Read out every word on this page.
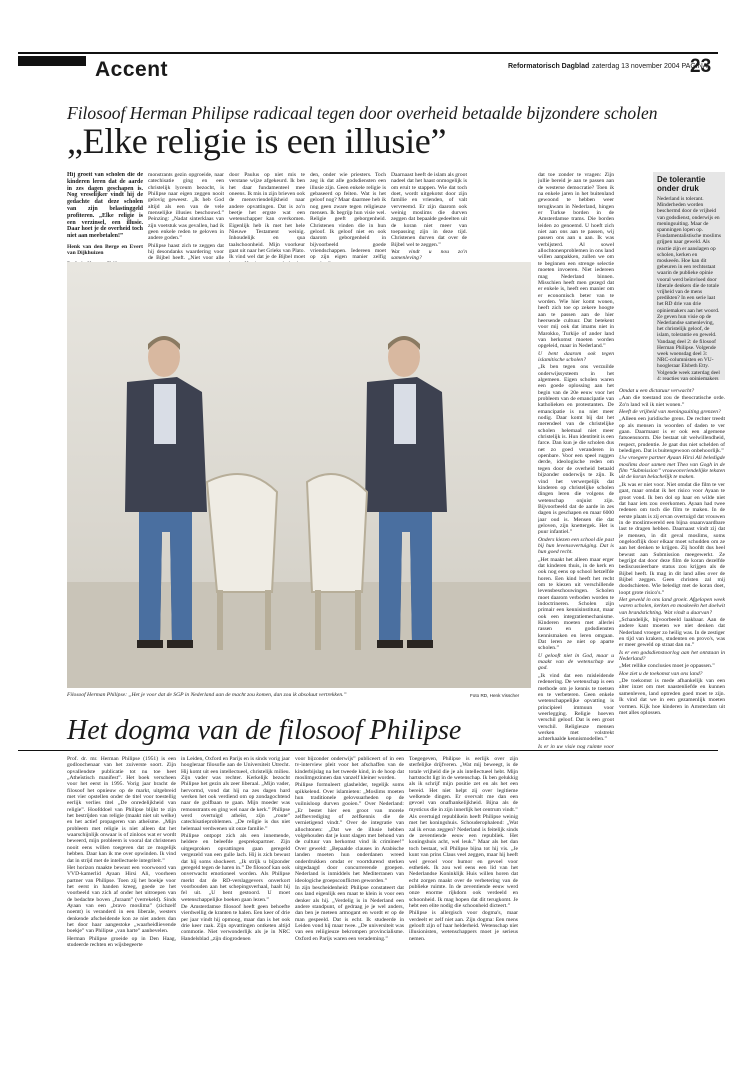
Accent	Reformatorisch Dagblad zaterdag 13 november 2004 PAGINA
23
Filosoof Herman Philipse radicaal tegen door overheid betaalde bijzondere scholen
„Elke religie is een illusie”

Hij groeit van scholen die de kinderen leren dat de aarde in zes dagen geschapen is. Nog vreselijker vindt hij de gedachte dat deze scholen van zijn belastinggeld profiteren. „Elke religie is een verzinsel, een illusie. Daar hoet je de overheid toch niet aan meebetalen!”

Henk van den Berge en Evert van Dijkhuizen

monstrants gezin opgroeide, naar catechisatie ging en een christelijk lyceum bezocht, is Philipse naar eigen zeggen nooit gelovig geweest. „Ik heb God altijd als een van de vele menselijke illusies beschouwd.” Peinzing: „Nadat sinterklaas van zijn voetstuk was gevallen, had ik geen enkele reden te geloven in andere goden.”

Philipse haast zich te zeggen dat hij desondanks waardering voor de Bijbel heeft. „Niet voor alle

door Paulus op niet mis te verstane wijze afgekeurd. Ik ben het daar fundamenteel mee oneens. Ik mis in zijn brieven ook de mensvriendelijkheid naar andere opvattingen. Dat is zo'n beetje het ergste wat een wetenschapper kan overkomen. Eigenlijk heb ik met het hele Nieuwe Testament weinig. Inhoudelijk en qua taalschoonheid. Mijn voorkeur gaat uit naar het Grieks van Plato. Ik vind wel dat je de Bijbel moet

den, onder wie priesters. Toch zeg ik dat alle godsdiensten een illusie zijn. Geen enkele religie is gebaseerd op feiten. Wat is het geloof nog? Maar daarmee heb ik nog geen zware tegen religieuze mensen. Ik begrijp hun visie wel. Religie geeft geborgenheid. Christenen vinden die in hun geloof. Ik geloof niet en ook daarom geborgenheid in bijvoorbeeld goede vriendschappen. Iedereen moet op zijn eigen manier zelfig

Daarnaast heeft de islam als groot nadeel dat het haast onmogelijk is om eruit te stappen. Wie dat toch doet, wordt uitgekotst door zijn familie en vrienden, of valt vervreemd. Er zijn daarom ook weinig moslims die durven zeggen dat bepaalde gedeelten uit de koran niet meer van toepassing zijn in deze tijd. Christenen durven dat over de Bijbel wel te zeggen.”

Wat vindt u nou zo'n samenleving?

dat toe zonder te vragen: Zijn jullie bereid je aan te passen aan de westerse democratie? Toen ik na enkele jaren in het buitenland gewoond te hebben weer terugkwam in Nederland, hingen er Turkse borden in de Amsterdamse trams. Die borden leiden zo genoemd. U hoeft zich niet aan ons aan te passen, wij passen ons aan u aan. Ik was verbijsterd. Al sowel allochtonenproblemen in ons land willen aanpakken, zullen we om te beginnen een strenge selectie moeten invoeren. Niet iedereen mag Nederland binnen. Misschien heeft men gezegd dat er enkele is, heeft een manier om er economisch beter van te worden. Wie hier komt wonen, heeft zich toe op zekere hoogte aan te passen aan de hier heersende cultuur. Dat betekent voor mij ook dat imams niet in Marokko, Turkije of ander land van herkomst moeten worden opgeleid, maar in Nederland.”

U bent daarom ook tegen islamitische scholen?

„Ik ben tegen ons verzuilde onderwijssysteem in het algemeen. Eigen scholen waren een goede oplossing aan het begin van de 20e eeuw voor het probleem van de emancipatie van katholieken en protestanten. De emancipatie is nu niet meer nodig. Daar komt bij dat het merendeel van de christelijke scholen helemaal niet meer christelijk is. Hun identiteit is een farce. Dan kun je die scholen dus net zo goed veranderen in openbare. Voor een speel ruggen derde, ideologische reden om tegen door de overheid betaald bijzonder onderwijs te zijn. Ik vind het verwerpelijk dat kinderen op christelijke scholen dingen leren die volgens de wetenschap onjuist zijn. Bijvoorbeeld dat de aarde in zes dagen is geschapen en maar 6000 jaar oud is. Mensen die dat geloven, zijn knettergek. Het is puur infantiel.”

Onders kiezen een school die past bij hun levensovertuiging. Dat is hun goed recht.

„Het maakt het alleen maar erger dat kinderen thuis, in de kerk en ook nog eens op school hetzelfde horen. Een kind heeft het recht om te kiezen uit verschillende levensbeschouwingen. Scholen moet daarom verboden worden te indoctrineren. Scholen zijn primair een kennisinstituut, maar ook een integratiemechanisme. Kinderen moeten met allerlei rassen en godsdiensten kennismaken en leren omgaan. Dat leren ze niet op aparte scholen.”

U gelooft niet in God, maar u maakt van de wetenschap uw god.

„Ik vind dat een misleidende redenering. De wetenschap is een methode om je kennis te toetsen en te verbeteren. Geen enkele wetenschappelijke opvatting is principieel immuun voor weerlegging. Religie hoeven verschil geloof. Dat is een groot verschil. Religieuze mensen werken met volstrekt achterhaalde kennismodellen.”

Is er in uw visie nog ruimte voor

Omdat u een dictatuur verwacht?

„Aan die toestand zou de theocratische orde. Zo'n land wil ik niet wonen.”

Heeft de vrijheid van meningsuiting grenzen?

„Alleen een juridische grens. De rechter treedt op als mensen in woorden of daden te ver gaan. Daarmaast is er ook een algemene fatsoensnorm. Die bestaat uit welwillendheid, respect, prudentie. Je gaat dus niet schelden of beledigen. Dat is buitengewoon onbehoorlijk.”

Uw vroegere partner Ayaan Hirsi Ali beledigde moslims door samen met Theo van Gogh in de film “Submission” vrouwonvriendelijke teksten uit de koran belachelijk te maken.

„Ik was er niet voor. Niet omdat die film te ver gaat, maar omdat ik het risico voor Ayaan te groot vond. Ik ben dol op haar en wilde niet dat haar iets zou overkomen. Ayaan had twee redenen om toch die film te maken. In de eerste plaats is zij ervan overtuigd dat vrouwen in de moslimwereld een bijna onaanvaardbare last te dragen hebben. Daarnaast vindt zij dat je mensen, in dit geval moslims, soms ongelooflijk door elkaar moet schudden om ze aan het denken te krijgen. Zij hoofdt dus heel bewust aan Submission meegewerkt. Ze begrijpt dat door deze film de koran dezelfde bediscussieerbare status zou krijgen als de Bijbel heeft. Ik mag in dit land alles over de Bijbel zeggen. Geen christen zal mij doodschieten. Wie beledigt met de koran doet, loopt grote risico's.”

Het geweld in ons land groeit. Afgelopen week waren scholen, kerken en moskeeën het doelwit van brandstichting. Wat vindt u daarvan?

„Schandelijk, bijvoorbeeld laakbaar. Aan de andere kant moeten we niet denken dat Nederland vroeger zo heilig was. In de zestiger en tijd van krakers, studenten en provo's, was er meer geweld op straat dan nu.”

Is er een godsdienstoorlog aan het ontstaan in Nederland?

„Met rellike conclusies moet je oppassen.”

Hoe ziet u de toekomst van ons land?

„De toekomst is mede afhankelijk van een alter inzet om met naastenliefde en kunnen samenleven, land optreden goed moet te zijn. Ik vind dat we in een gezamenlijk moeten vormen. Kijk hoe kinderen in Amsterdam uit met alles oplossen.

De tolerantie onder druk
Nederland is tolerant. Minderheden worden beschermd door de vrijheid van godsdienst, onderwijs en meningsuiting. Maar de spanningen lopen op. Fundamentalistische moslims grijpen naar geweld. Als reactie zijn er aanslagen op scholen, kerken en moskeeën. Hoe kan dit gebeuren in een rechtsstaat waarin de publieke opinie vooral werd beïnvloed door liberale denkers die de totale vrijheid van de mens predikten? In een serie laat het RD drie van drie opiniemakers aan het woord. Ze geven hun visie op de Nederlandse samenleving, het christelijk geloof, de islam, tolerantie en geweld. Vandaag deel 2: de filosoof Herman Philipse. Volgende week woensdag deel 3: NRC-columnisten en VU-hoogleraar Elsbeth Etty. Volgende week zaterdag deel 4: reacties van opiniemakers
Filosoof Herman Philipse: „Het je voor dat de SGP in Nederland aan de macht zou komen, dan zou ik absoluut vertrekken.”	Foto RD, Henk Visscher
Het dogma van de filosoof Philipse

Prof. dr. mr. Herman Philipse (1951) is een godloochenaar van het zuiverste soort. Zijn opvallendste publicatie tot nu toe heet „Atheïstisch manifest”. Het boek verscheen voor het eerst in 1995. Vorig jaar bracht de filosoof het opnieuw op de markt, uitgebreid met vier opstellen onder de titel voor toestellig eerlijk verlies titel „De onredelijkheid van religie”. Hoofddoel van Philipse blijkt te zijn het bestrijden van religie (maakt niet uit welke) en het actief propageren van atheïsme. „Mijn probleem met religie is niet alleen dat het waarschijnlijk onwaar is of zinloos wat er wordt beweerd, mijn probleem is vooral dat christenen nooit eens willen toegeven dat ze mogelijk hebben. Daar kan ik me over opwinden. Ik vind dat in strijd met de intellectuele integriteit.”

Het horizon maakte bewust een voorwoord van VVD-kamerlid Ayaan Hirsi Ali, voorheen partner van Philipse. Toen zij het boekje voor het eerst in handen kreeg, goede ze het voorbeeld van zich af onder het uitroepen van de bedachte boven „furaam” (verrekeld). Sinds Ayaan van een „bravo moslima” (zichzelf noemt) is veranderd in een liberale, westers denkende afscheidende kon ze niet anders dan het door haar aangestoke „waarheidlievende boekje” van Philipse „van harte” aanbevelen.

Herman Philipse groeide op in Den Haag, studeerde rechten en wijsbegeerte

in Leiden, Oxford en Parijs en is sinds vorig jaar hoogleraar filosofie aan de Universiteit Utrecht. Hij komt uit een intellectueel, christelijk milieu. Zijn vader was rechter. Kerkelijk bezocht Philipse het gezin als zeer liberaal. „Mijn vader, hervormd, vond dat hij na zes dagen hard werken het ook verdiend om op zondagochtend naar de golfbaan te gaan. Mijn moeder was remonstrants en ging wel naar de kerk.” Philipse werd overtuigd atheïst, zijn „route” catechisatieproblemen. „De religie is dus niet helemaal verdwenen uit onze familie.”

Philipse ontpopt zich als een innemende, heldere en beleefde gesprekspartner. Zijn uitgesproken opvattingen gaan geregeld vergezeld van een gulle lach. Hij is zich bewust dat hij soms shockeert. „Ik strijk u bijzonder geregeld tegen de haren in.” De filosoof kan ook onverwacht emotioneel worden. Als Philipse merkt dat de RD-verslaggevers onverkort voorbouden aan het schepingsverhaal, haalt hij fel uit. „U bent gestoord. U moet wetenschappelijke boeken gaan lezen.”

De Amsterdamse filosoof heeft geen behoefte vierdwellig de kranten te halen. Een keer of drie per jaar vindt hij opmoog, maar dan is het ook drie keer raak. Zijn opvattingen ontketen altijd commotie. Niet verwonderlijk als je in NRC Handelsblad „zijn diogrodenen

voor bijzonder onderwijs” publiceert of in een tv-interview pleit voor het afschaffen van de kinderbijslag na het tweede kind, in de hoop dat moslimgezinnen dan vanzelf kleiner worden.

Philipse formuleert glashelder, tegelijk soms spikkelend. Over islamieten: „Moslims moeten hun traditionele gelovsuarheden op de vuilnisloop durven gooien.” Over Nederland: „Er bestet hier een groot van morele zelfbevrediging of zelfkennis die de vernietigend vindt.” Over de integratie van allochtonen: „Dat we de illusie hebben volgehouden dat je kunt slagen met behoud van de cultuur van herkomst vind ik criminee!” Over geweld: „Bepaalde clauses in Arabische landen moeten hun onderdanen wreed onderdrukken omdat er voortdurend sterken uitgedaagd door concurrerende groepen. Nederland is inmiddels het Mediterranen van ideologiche groepsconflicten geworden.”

In zijn bescheidenheid: Philipse constateert dat ons land eigenlijk een maat te klein is voor een denker als hij. „Verdelig is in Nederland een andere standpunt, of gedraag je je wel anders, dan ben je meteen armogant en wordt er op de man gespeeld. Dat is echt. Ik studeerde in Leiden vond hij maar twee. „De universiteit was van een reliigieuze bekrompen provincialisme. Oxford en Parijs waren een verademing.”

Toegegeven, Philipse is eerlijk over zijn sterfelijke drijfveren. „Wat mij beweegt, is de totale vrijheid die je als intellectueel hebt. Mijn hartstocht ligt in de wetenschap. Ik ben gelukkig als ik schrijf mijn positie zet en als het een bereid. Het niet helpt zij over legitieme welkende dingen. Er overvalt me dan een gevoel van onafhankelijkheid. Bijna als de mysticus die in zijn innerlijk het centrum vindt.”

Als overtuigd republikein heeft Philipse weinig met het koningshuis. Schouderophalend: „Wat zal ik ervan zeggen? Nederland is feitelijk sinds de zeventiende eeuw een republiek. Het koningshuis acht, wel leuk.” Maar als het dan toch bestaat, wil Philipse bijna tot hij vis. „Je kunt van prins Claus veel zeggen, maar hij heeft wel gevoel voor humor en gevoel voor esthetiek. Ik zou wel eens een lid van het Nederlandse Koninklijk Huis willen horen dat echt zorgen maakt over de verbetering van de publieke ruimte. In de zeventiende eeuw werd onze enorme rijkdom ook verdeeld en schoonheid. Ik mag hopen dat dit terugkomt. Je hebt een elite nodig die schoonheid dicteert.”

Philipse is allergisch voor dogma's, maar verdeelt er zelf niet aan. Zijn dogma: Een mens gelooft zijn of haar helderheid. Wetenschap niet illusionisten, wetenschappers moet je serieus nemen.
